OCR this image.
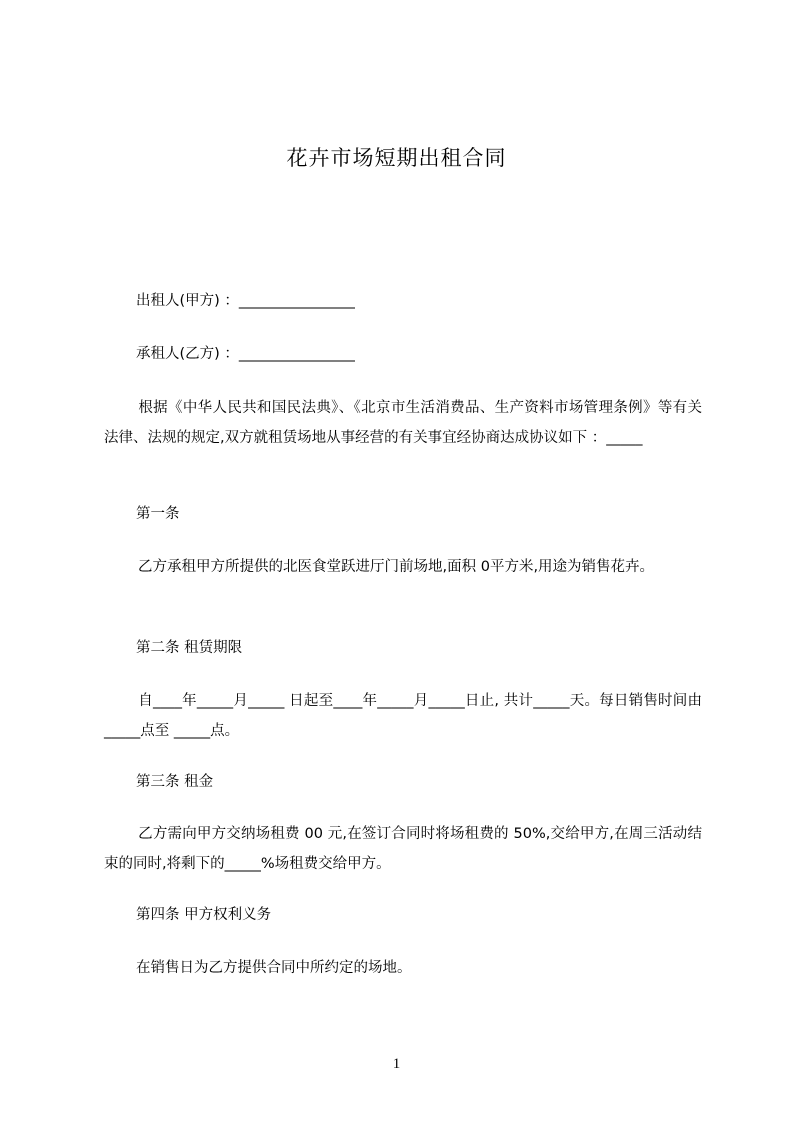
花卉市场短期出租合同
出租人(甲方) ：________________
承租人(乙方) ：________________
根据《中华人民共和国民法典》、《北京市生活消费品、生产资料市场管理条例》等有关法律、法规的规定,双方就租赁场地从事经营的有关事宜经协商达成协议如下 ：_____
第一条
乙方承租甲方所提供的北医食堂跃进厅门前场地,面积 0平方米,用途为销售花卉。
第二条 租赁期限
自____年_____月_____ 日起至____年_____月_____日止, 共计_____天。每日销售时间由 _____点至 _____点。
第三条 租金
乙方需向甲方交纳场租费 00 元,在签订合同时将场租费的 50%,交给甲方,在周三活动结束的同时,将剩下的_____%场租费交给甲方。
第四条 甲方权利义务
在销售日为乙方提供合同中所约定的场地。
1
